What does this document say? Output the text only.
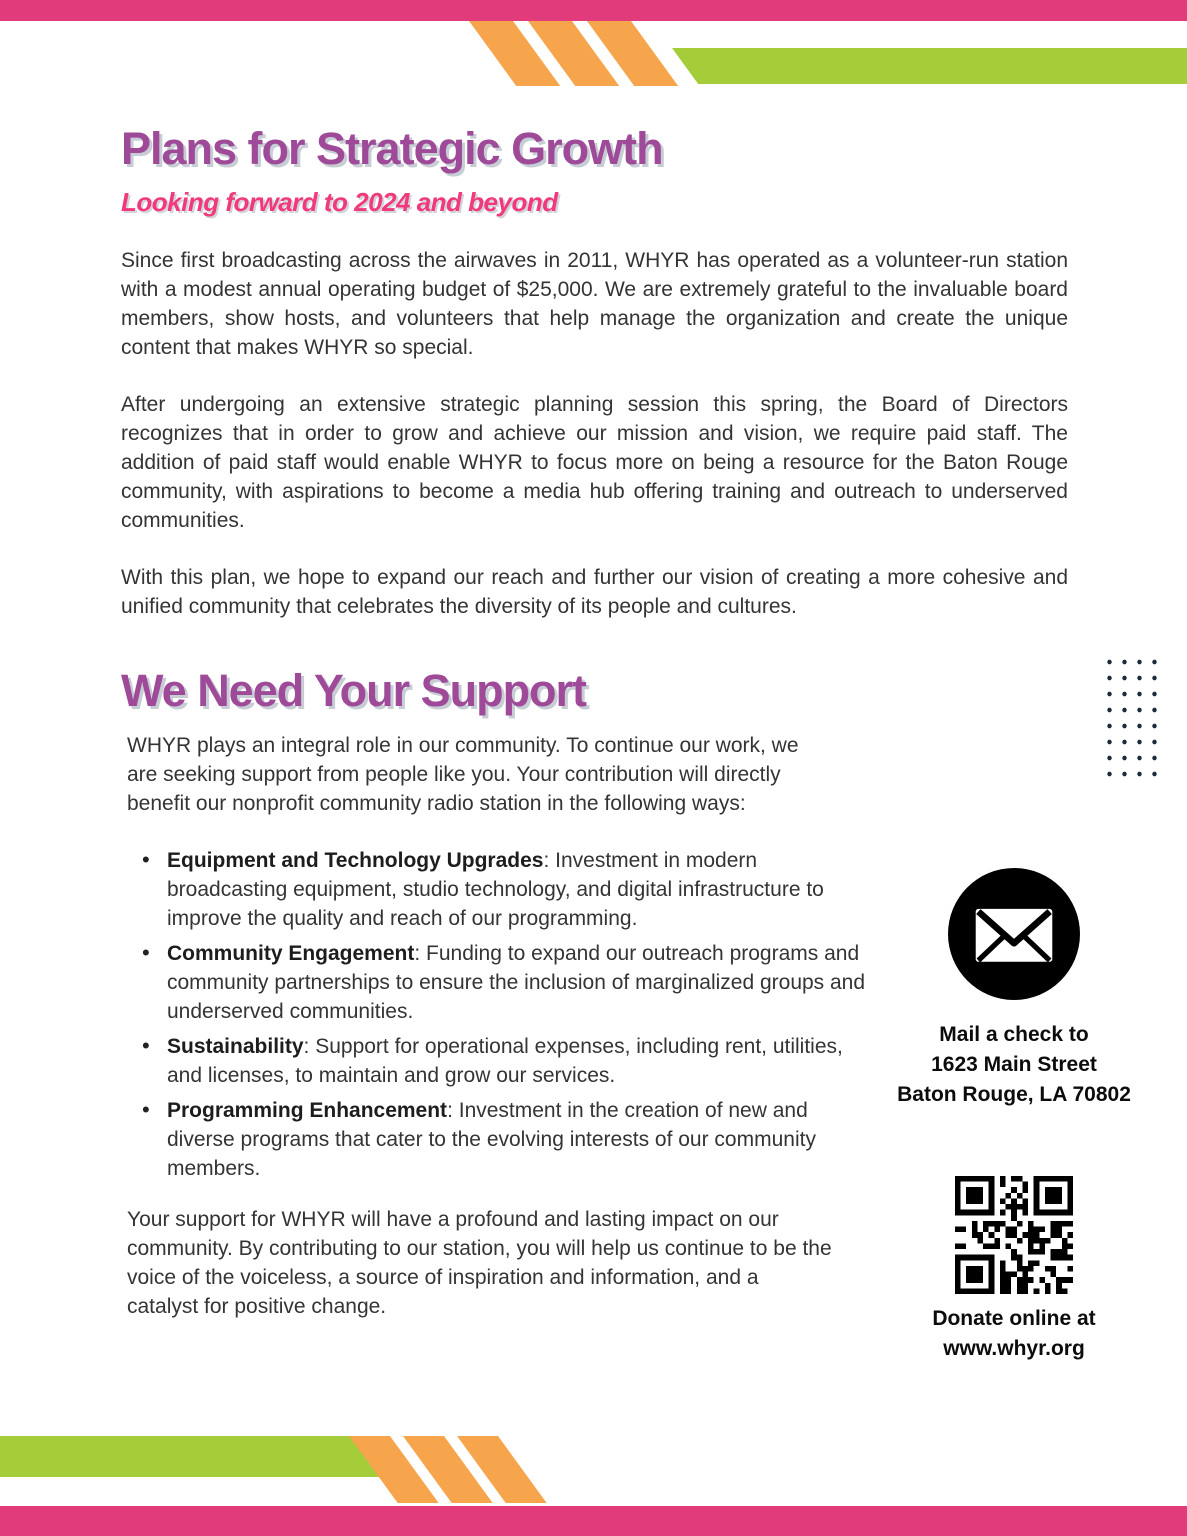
Plans for Strategic Growth
Looking forward to 2024 and beyond

Since first broadcasting across the airwaves in 2011, WHYR has operated as a volunteer-run station with a modest annual operating budget of $25,000. We are extremely grateful to the invaluable board members, show hosts, and volunteers that help manage the organization and create the unique content that makes WHYR so special.

After undergoing an extensive strategic planning session this spring, the Board of Directors recognizes that in order to grow and achieve our mission and vision, we require paid staff. The addition of paid staff would enable WHYR to focus more on being a resource for the Baton Rouge community, with aspirations to become a media hub offering training and outreach to underserved communities.

With this plan, we hope to expand our reach and further our vision of creating a more cohesive and unified community that celebrates the diversity of its people and cultures.

We Need Your Support

WHYR plays an integral role in our community. To continue our work, we are seeking support from people like you. Your contribution will directly benefit our nonprofit community radio station in the following ways:

• Equipment and Technology Upgrades: Investment in modern broadcasting equipment, studio technology, and digital infrastructure to improve the quality and reach of our programming.
• Community Engagement: Funding to expand our outreach programs and community partnerships to ensure the inclusion of marginalized groups and underserved communities.
• Sustainability: Support for operational expenses, including rent, utilities, and licenses, to maintain and grow our services.
• Programming Enhancement: Investment in the creation of new and diverse programs that cater to the evolving interests of our community members.

Your support for WHYR will have a profound and lasting impact on our community. By contributing to our station, you will help us continue to be the voice of the voiceless, a source of inspiration and information, and a catalyst for positive change.

Mail a check to
1623 Main Street
Baton Rouge, LA 70802
Donate online at
www.whyr.org
